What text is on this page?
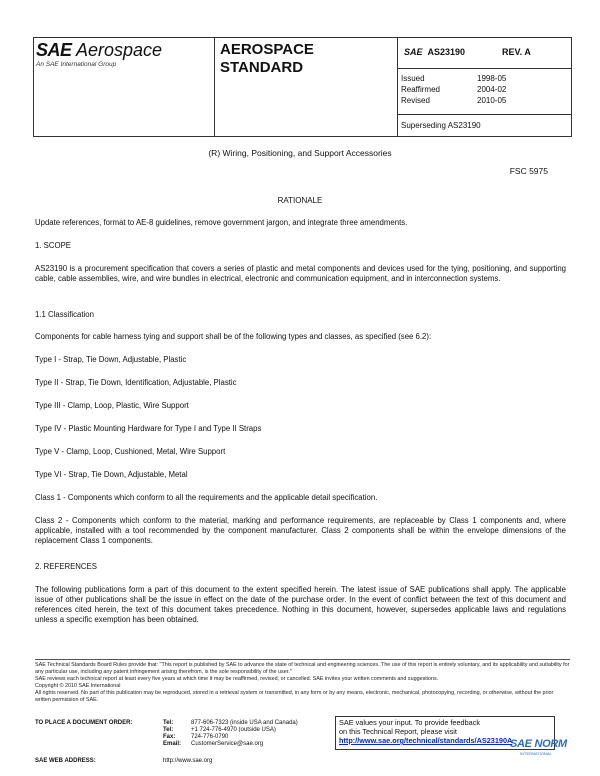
SAE Aerospace
An SAE International Group
AEROSPACE
STANDARD
SAE AS23190	REV. A
Issued	1998-05
Reaffirmed	2004-02
Revised	2010-05
Superseding AS23190
(R) Wiring, Positioning, and Support Accessories
FSC 5975
RATIONALE
Update references, format to AE-8 guidelines, remove government jargon, and integrate three amendments.
1. SCOPE
AS23190 is a procurement specification that covers a series of plastic and metal components and devices used for the tying, positioning, and supporting cable, cable assemblies, wire, and wire bundles in electrical, electronic and communication equipment, and in interconnection systems.
1.1 Classification
Components for cable harness tying and support shall be of the following types and classes, as specified (see 6.2):
Type I - Strap, Tie Down, Adjustable, Plastic
Type II - Strap, Tie Down, Identification, Adjustable, Plastic
Type III - Clamp, Loop, Plastic, Wire Support
Type IV - Plastic Mounting Hardware for Type I and Type II Straps
Type V - Clamp, Loop, Cushioned, Metal, Wire Support
Type VI - Strap, Tie Down, Adjustable, Metal
Class 1 - Components which conform to all the requirements and the applicable detail specification.
Class 2 - Components which conform to the material, marking and performance requirements, are replaceable by Class 1 components and, where applicable, installed with a tool recommended by the component manufacturer. Class 2 components shall be within the envelope dimensions of the replacement Class 1 components.
2. REFERENCES
The following publications form a part of this document to the extent specified herein. The latest issue of SAE publications shall apply. The applicable issue of other publications shall be the issue in effect on the date of the purchase order. In the event of conflict between the text of this document and references cited herein, the text of this document takes precedence. Nothing in this document, however, supersedes applicable laws and regulations unless a specific exemption has been obtained.
SAE Technical Standards Board Rules provide that: "This report is published by SAE to advance the state of technical and engineering sciences. The use of this report is entirely voluntary, and its applicability and suitability for any particular use, including any patent infringement arising therefrom, is the sole responsibility of the user."
SAE reviews each technical report at least every five years at which time it may be reaffirmed, revised, or cancelled. SAE invites your written comments and suggestions.
Copyright © 2010 SAE International
All rights reserved. No part of this publication may be reproduced, stored in a retrieval system or transmitted, in any form or by any means, electronic, mechanical, photocopying, recording, or otherwise, without the prior written permission of SAE.
TO PLACE A DOCUMENT ORDER:	Tel:	877-606-7323 (inside USA and Canada)
Tel:	+1 724-776-4970 (outside USA)
Fax:	724-776-0790
Email: CustomerService@sae.org
SAE WEB ADDRESS:	http://www.sae.org
SAE values your input. To provide feedback
on this Technical Report, please visit
http://www.sae.org/technical/standards/AS23190A
SAE NORM
INTERNATIONAL
